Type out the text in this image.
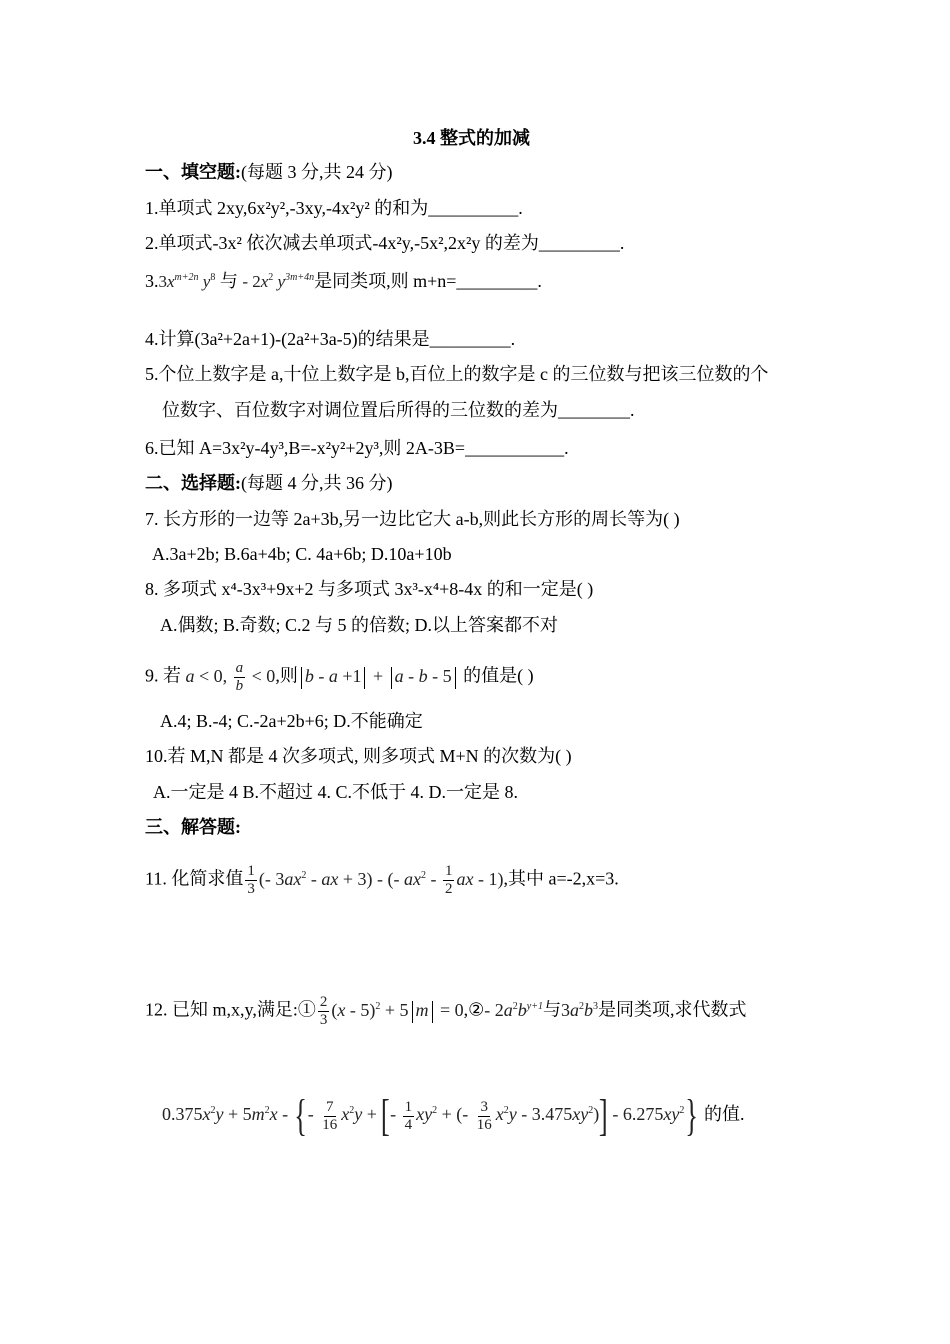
3.4 整式的加减
一、填空题:(每题 3 分,共 24 分)
1.单项式 2xy,6x²y²,-3xy,-4x²y² 的和为__________.
2.单项式-3x² 依次减去单项式-4x²y,-5x²,2x²y 的差为_________.
$3.3x^{m+2n}$ $y^8$ 与 - $2x^2$ $y^{3m+4n}$是同类项,则 m+n=_________.
4.计算(3a²+2a+1)-(2a²+3a-5)的结果是_________.
5.个位上数字是 a,十位上数字是 b,百位上的数字是 c 的三位数与把该三位数的个
位数字、百位数字对调位置后所得的三位数的差为________.
6.已知 A=3x²y-4y³,B=-x²y²+2y³,则 2A-3B=___________.
二、选择题:(每题 4 分,共 36 分)
7. 长方形的一边等 2a+3b,另一边比它大 a-b,则此长方形的周长等为( )
A.3a+2b; B.6a+4b; C. 4a+6b; D.10a+10b
8. 多项式 x⁴-3x³+9x+2 与多项式 3x³-x⁴+8-4x 的和一定是( )
A.偶数; B.奇数; C.2 与 5 的倍数; D.以上答案都不对
9. 若 a < 0, $\frac{a}{b} < 0$,则 b - a +1 + a - b - 5 的值是( )
A.4; B.-4; C.-2a+2b+6; D.不能确定
10.若 M,N 都是 4 次多项式, 则多项式 M+N 的次数为( )
A.一定是 4 B.不超过 4. C.不低于 4. D.一定是 8.
三、解答题:
11. 化简求值 $\frac{1}{3}$ (- $3ax^2$ - ax + 3) - (- $ax^2 - \frac{1}{2}$ ax - 1),其中 a=-2,x=3.
12. 已知 m,x,y,满足:① $\frac{2}{3} (x - 5)^2 + 5$ m = 0,②- $2a^2b^{y+1}$与$3a^2b^3$是同类项,求代数式
$0.375x^2y + 5m^2x$ - {- $\frac{7}{16} x^2y$ + [- $\frac{1}{4} xy^2$ + (- $\frac{3}{16} x^2y - 3.475xy^2)] - 6.275xy^2$} 的值.
